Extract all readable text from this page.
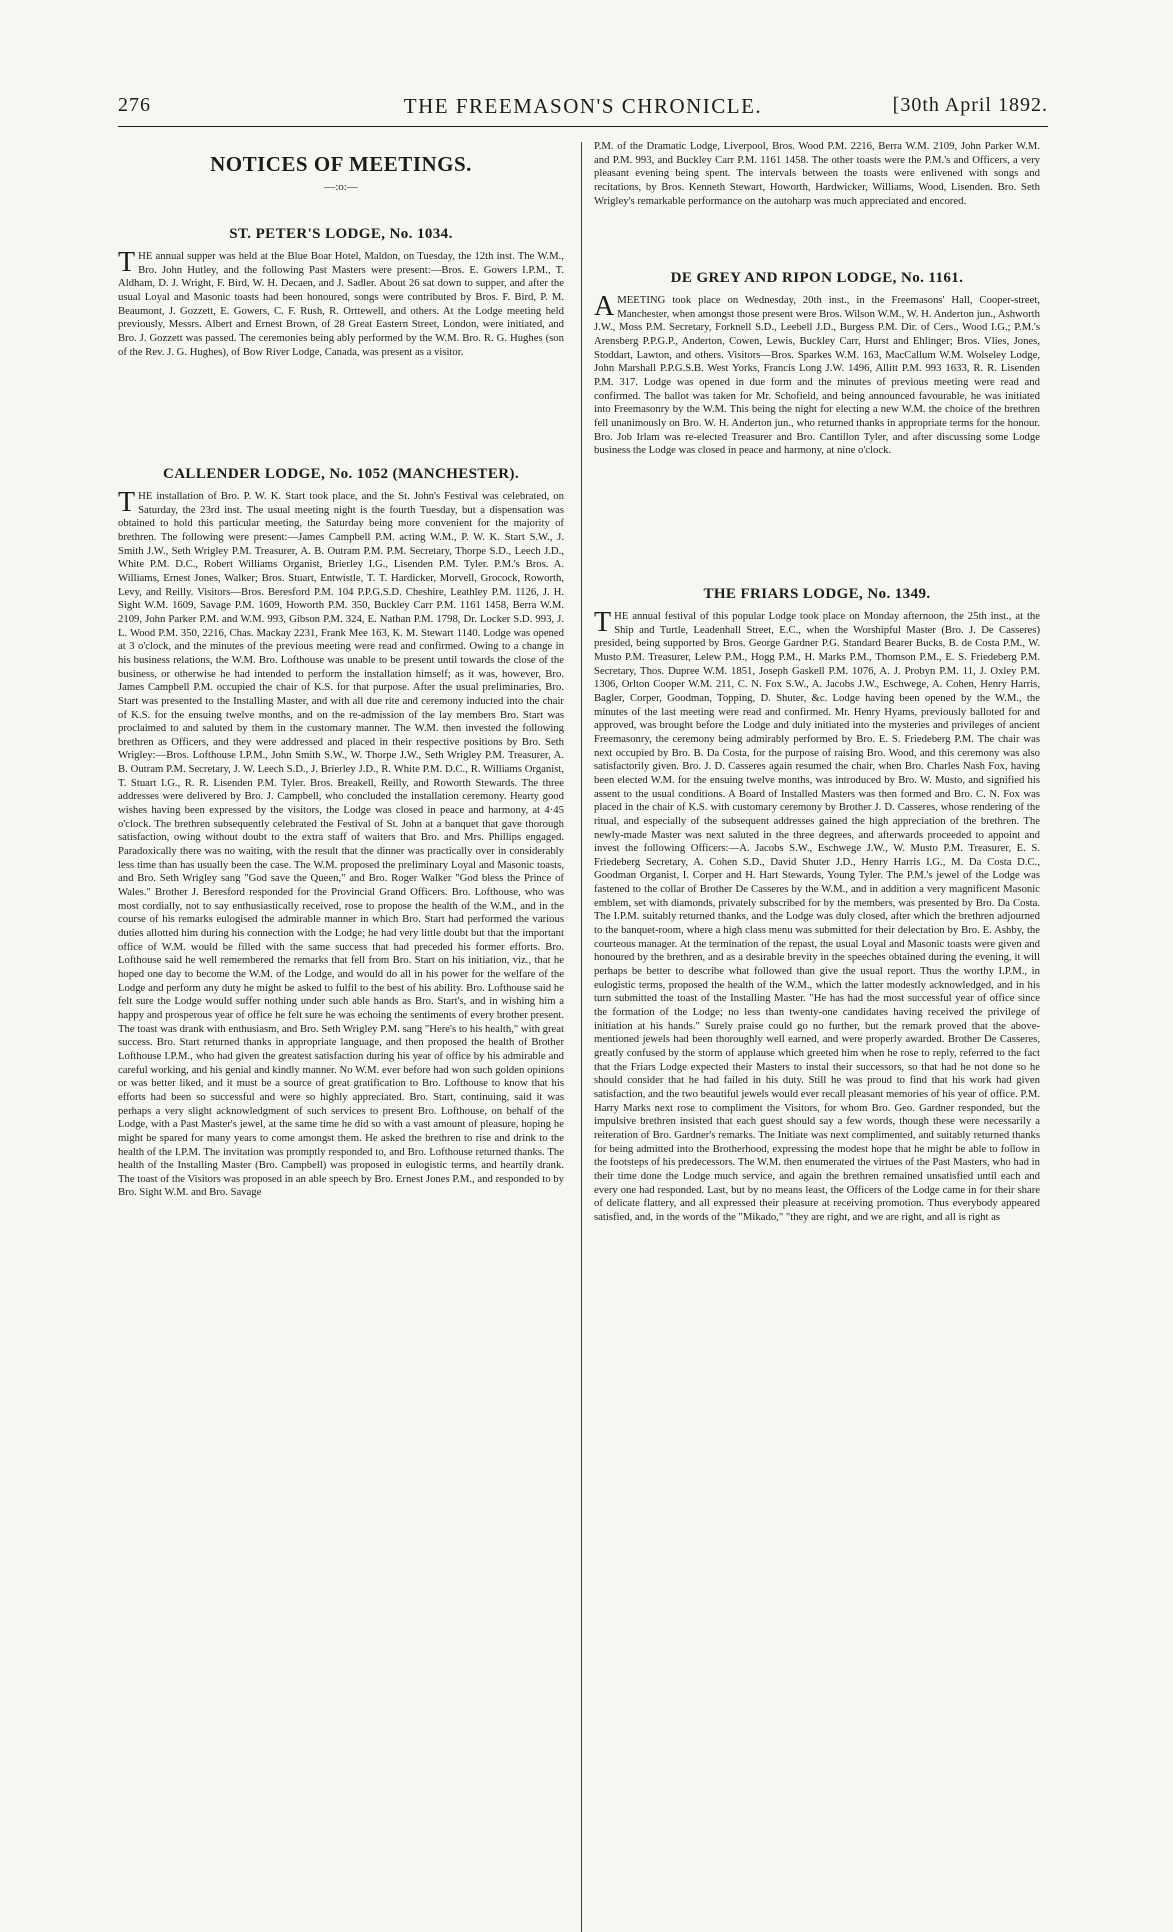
276	THE FREEMASON'S CHRONICLE.	[30th April 1892.
NOTICES OF MEETINGS.
—:o:—
ST. PETER'S LODGE, No. 1034.

THE annual supper was held at the Blue Boar Hotel, Maldon, on Tuesday, the 12th inst. The W.M., Bro. John Hutley, and the following Past Masters were present:—Bros. E. Gowers I.P.M., T. Aldham, D. J. Wright, F. Bird, W. H. Decaen, and J. Sadler. About 26 sat down to supper, and after the usual Loyal and Masonic toasts had been honoured, songs were contributed by Bros. F. Bird, P. M. Beaumont, J. Gozzett, E. Gowers, C. F. Rush, R. Orttewell, and others. At the Lodge meeting held previously, Messrs. Albert and Ernest Brown, of 28 Great Eastern Street, London, were initiated, and Bro. J. Gozzett was passed. The ceremonies being ably performed by the W.M. Bro. R. G. Hughes (son of the Rev. J. G. Hughes), of Bow River Lodge, Canada, was present as a visitor.

CALLENDER LODGE, No. 1052 (MANCHESTER).

THE installation of Bro. P. W. K. Start took place, and the St. John's Festival was celebrated, on Saturday, the 23rd inst. The usual meeting night is the fourth Tuesday, but a dispensation was obtained to hold this particular meeting, the Saturday being more convenient for the majority of brethren. The following were present:—James Campbell P.M. acting W.M., P. W. K. Start S.W., J. Smith J.W., Seth Wrigley P.M. Treasurer, A. B. Outram P.M. P.M. Secretary, Thorpe S.D., Leech J.D., White P.M. D.C., Robert Williams Organist, Brierley I.G., Lisenden P.M. Tyler. P.M.'s Bros. A. Williams, Ernest Jones, Walker; Bros. Stuart, Entwistle, T. T. Hardicker, Morvell, Grocock, Roworth, Levy, and Reilly. Visitors—Bros. Beresford P.M. 104 P.P.G.S.D. Cheshire, Leathley P.M. 1126, J. H. Sight W.M. 1609, Savage P.M. 1609, Howorth P.M. 350, Buckley Carr P.M. 1161 1458, Berra W.M. 2109, John Parker P.M. and W.M. 993, Gibson P.M. 324, E. Nathan P.M. 1798, Dr. Locker S.D. 993, J. L. Wood P.M. 350, 2216, Chas. Mackay 2231, Frank Mee 163, K. M. Stewart 1140. Lodge was opened at 3 o'clock, and the minutes of the previous meeting were read and confirmed. Owing to a change in his business relations, the W.M. Bro. Lofthouse was unable to be present until towards the close of the business, or otherwise he had intended to perform the installation himself; as it was, however, Bro. James Campbell P.M. occupied the chair of K.S. for that purpose. After the usual preliminaries, Bro. Start was presented to the Installing Master, and with all due rite and ceremony inducted into the chair of K.S. for the ensuing twelve months, and on the re-admission of the lay members Bro. Start was proclaimed to and saluted by them in the customary manner. The W.M. then invested the following brethren as Officers, and they were addressed and placed in their respective positions by Bro. Seth Wrigley:—Bros. Lofthouse I.P.M., John Smith S.W., W. Thorpe J.W., Seth Wrigley P.M. Treasurer, A. B. Outram P.M. Secretary, J. W. Leech S.D., J. Brierley J.D., R. White P.M. D.C., R. Williams Organist, T. Stuart I.G., R. R. Lisenden P.M. Tyler. Bros. Breakell, Reilly, and Roworth Stewards. The three addresses were delivered by Bro. J. Campbell, who concluded the installation ceremony. Hearty good wishes having been expressed by the visitors, the Lodge was closed in peace and harmony, at 4·45 o'clock. The brethren subsequently celebrated the Festival of St. John at a banquet that gave thorough satisfaction, owing without doubt to the extra staff of waiters that Bro. and Mrs. Phillips engaged. Paradoxically there was no waiting, with the result that the dinner was practically over in considerably less time than has usually been the case. The W.M. proposed the preliminary Loyal and Masonic toasts, and Bro. Seth Wrigley sang "God save the Queen," and Bro. Roger Walker "God bless the Prince of Wales." Brother J. Beresford responded for the Provincial Grand Officers. Bro. Lofthouse, who was most cordially, not to say enthusiastically received, rose to propose the health of the W.M., and in the course of his remarks eulogised the admirable manner in which Bro. Start had performed the various duties allotted him during his connection with the Lodge; he had very little doubt but that the important office of W.M. would be filled with the same success that had preceded his former efforts. Bro. Lofthouse said he well remembered the remarks that fell from Bro. Start on his initiation, viz., that he hoped one day to become the W.M. of the Lodge, and would do all in his power for the welfare of the Lodge and perform any duty he might be asked to fulfil to the best of his ability. Bro. Lofthouse said he felt sure the Lodge would suffer nothing under such able hands as Bro. Start's, and in wishing him a happy and prosperous year of office he felt sure he was echoing the sentiments of every brother present. The toast was drank with enthusiasm, and Bro. Seth Wrigley P.M. sang "Here's to his health," with great success. Bro. Start returned thanks in appropriate language, and then proposed the health of Brother Lofthouse I.P.M., who had given the greatest satisfaction during his year of office by his admirable and careful working, and his genial and kindly manner. No W.M. ever before had won such golden opinions or was better liked, and it must be a source of great gratification to Bro. Lofthouse to know that his efforts had been so successful and were so highly appreciated. Bro. Start, continuing, said it was perhaps a very slight acknowledgment of such services to present Bro. Lofthouse, on behalf of the Lodge, with a Past Master's jewel, at the same time he did so with a vast amount of pleasure, hoping he might be spared for many years to come amongst them. He asked the brethren to rise and drink to the health of the I.P.M. The invitation was promptly responded to, and Bro. Lofthouse returned thanks. The health of the Installing Master (Bro. Campbell) was proposed in eulogistic terms, and heartily drank. The toast of the Visitors was proposed in an able speech by Bro. Ernest Jones P.M., and responded to by Bro. Sight W.M. and Bro. Savage

P.M. of the Dramatic Lodge, Liverpool, Bros. Wood P.M. 2216, Berra W.M. 2109, John Parker W.M. and P.M. 993, and Buckley Carr P.M. 1161 1458. The other toasts were the P.M.'s and Officers, a very pleasant evening being spent. The intervals between the toasts were enlivened with songs and recitations, by Bros. Kenneth Stewart, Howorth, Hardwicker, Williams, Wood, Lisenden. Bro. Seth Wrigley's remarkable performance on the autoharp was much appreciated and encored.

DE GREY AND RIPON LODGE, No. 1161.

AMEETING took place on Wednesday, 20th inst., in the Freemasons' Hall, Cooper-street, Manchester, when amongst those present were Bros. Wilson W.M., W. H. Anderton jun., Ashworth J.W., Moss P.M. Secretary, Forknell S.D., Leebell J.D., Burgess P.M. Dir. of Cers., Wood I.G.; P.M.'s Arensberg P.P.G.P., Anderton, Cowen, Lewis, Buckley Carr, Hurst and Ehlinger; Bros. Vlies, Jones, Stoddart, Lawton, and others. Visitors—Bros. Sparkes W.M. 163, MacCallum W.M. Wolseley Lodge, John Marshall P.P.G.S.B. West Yorks, Francis Long J.W. 1496, Allitt P.M. 993 1633, R. R. Lisenden P.M. 317. Lodge was opened in due form and the minutes of previous meeting were read and confirmed. The ballot was taken for Mr. Schofield, and being announced favourable, he was initiated into Freemasonry by the W.M. This being the night for electing a new W.M. the choice of the brethren fell unanimously on Bro. W. H. Anderton jun., who returned thanks in appropriate terms for the honour. Bro. Job Irlam was re-elected Treasurer and Bro. Cantillon Tyler, and after discussing some Lodge business the Lodge was closed in peace and harmony, at nine o'clock.

THE FRIARS LODGE, No. 1349.

THE annual festival of this popular Lodge took place on Monday afternoon, the 25th inst., at the Ship and Turtle, Leadenhall Street, E.C., when the Worshipful Master (Bro. J. De Casseres) presided, being supported by Bros. George Gardner P.G. Standard Bearer Bucks, B. de Costa P.M., W. Musto P.M. Treasurer, Lelew P.M., Hogg P.M., H. Marks P.M., Thomson P.M., E. S. Friedeberg P.M. Secretary, Thos. Dupree W.M. 1851, Joseph Gaskell P.M. 1076, A. J. Probyn P.M. 11, J. Oxley P.M. 1306, Orlton Cooper W.M. 211, C. N. Fox S.W., A. Jacobs J.W., Eschwege, A. Cohen, Henry Harris, Bagler, Corper, Goodman, Topping, D. Shuter, &c. Lodge having been opened by the W.M., the minutes of the last meeting were read and confirmed. Mr. Henry Hyams, previously balloted for and approved, was brought before the Lodge and duly initiated into the mysteries and privileges of ancient Freemasonry, the ceremony being admirably performed by Bro. E. S. Friedeberg P.M. The chair was next occupied by Bro. B. Da Costa, for the purpose of raising Bro. Wood, and this ceremony was also satisfactorily given. Bro. J. D. Casseres again resumed the chair, when Bro. Charles Nash Fox, having been elected W.M. for the ensuing twelve months, was introduced by Bro. W. Musto, and signified his assent to the usual conditions. A Board of Installed Masters was then formed and Bro. C. N. Fox was placed in the chair of K.S. with customary ceremony by Brother J. D. Casseres, whose rendering of the ritual, and especially of the subsequent addresses gained the high appreciation of the brethren. The newly-made Master was next saluted in the three degrees, and afterwards proceeded to appoint and invest the following Officers:—A. Jacobs S.W., Eschwege J.W., W. Musto P.M. Treasurer, E. S. Friedeberg Secretary, A. Cohen S.D., David Shuter J.D., Henry Harris I.G., M. Da Costa D.C., Goodman Organist, I. Corper and H. Hart Stewards, Young Tyler. The P.M.'s jewel of the Lodge was fastened to the collar of Brother De Casseres by the W.M., and in addition a very magnificent Masonic emblem, set with diamonds, privately subscribed for by the members, was presented by Bro. Da Costa. The I.P.M. suitably returned thanks, and the Lodge was duly closed, after which the brethren adjourned to the banquet-room, where a high class menu was submitted for their delectation by Bro. E. Ashby, the courteous manager. At the termination of the repast, the usual Loyal and Masonic toasts were given and honoured by the brethren, and as a desirable brevity in the speeches obtained during the evening, it will perhaps be better to describe what followed than give the usual report. Thus the worthy I.P.M., in eulogistic terms, proposed the health of the W.M., which the latter modestly acknowledged, and in his turn submitted the toast of the Installing Master. "He has had the most successful year of office since the formation of the Lodge; no less than twenty-one candidates having received the privilege of initiation at his hands." Surely praise could go no further, but the remark proved that the above-mentioned jewels had been thoroughly well earned, and were properly awarded. Brother De Casseres, greatly confused by the storm of applause which greeted him when he rose to reply, referred to the fact that the Friars Lodge expected their Masters to instal their successors, so that had he not done so he should consider that he had failed in his duty. Still he was proud to find that his work had given satisfaction, and the two beautiful jewels would ever recall pleasant memories of his year of office. P.M. Harry Marks next rose to compliment the Visitors, for whom Bro. Geo. Gardner responded, but the impulsive brethren insisted that each guest should say a few words, though these were necessarily a reiteration of Bro. Gardner's remarks. The Initiate was next complimented, and suitably returned thanks for being admitted into the Brotherhood, expressing the modest hope that he might be able to follow in the footsteps of his predecessors. The W.M. then enumerated the virtues of the Past Masters, who had in their time done the Lodge much service, and again the brethren remained unsatisfied until each and every one had responded. Last, but by no means least, the Officers of the Lodge came in for their share of delicate flattery, and all expressed their pleasure at receiving promotion. Thus everybody appeared satisfied, and, in the words of the "Mikado," "they are right, and we are right, and all is right as
